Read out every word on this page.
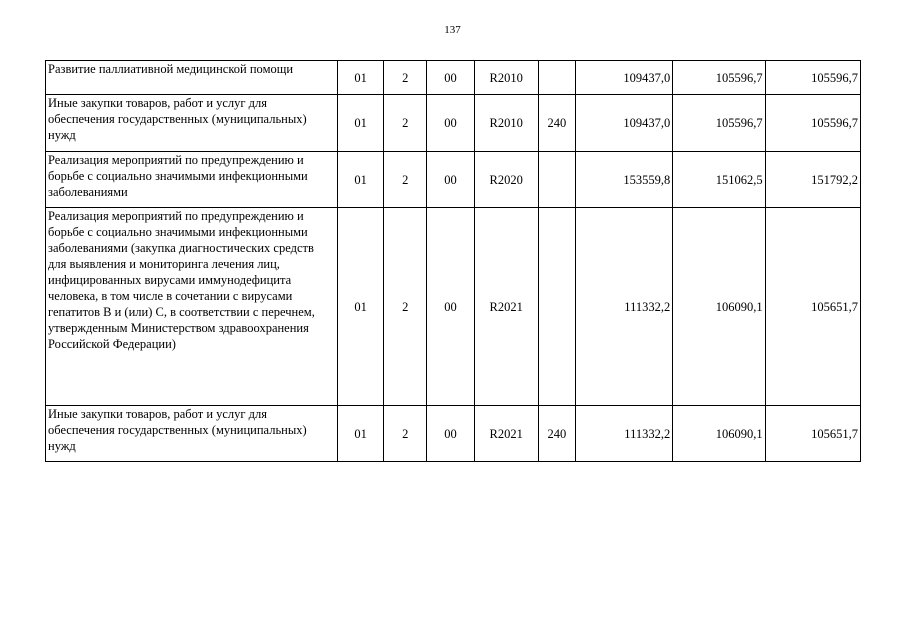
137
Развитие паллиативной медицинской помощи	01	2	00	R2010		109437,0	105596,7	105596,7
Иные закупки товаров, работ и услуг для обеспечения государственных (муниципальных) нужд	01	2	00	R2010	240	109437,0	105596,7	105596,7
Реализация мероприятий по предупреждению и борьбе с социально значимыми инфекционными заболеваниями	01	2	00	R2020		153559,8	151062,5	151792,2
Реализация мероприятий по предупреждению и борьбе с социально значимыми инфекционными заболеваниями (закупка диагностических средств для выявления и мониторинга лечения лиц, инфицированных вирусами иммунодефицита человека, в том числе в сочетании с вирусами гепатитов B и (или) C, в соответствии с перечнем, утвержденным Министерством здравоохранения Российской Федерации)	01	2	00	R2021		111332,2	106090,1	105651,7
Иные закупки товаров, работ и услуг для обеспечения государственных (муниципальных) нужд	01	2	00	R2021	240	111332,2	106090,1	105651,7
